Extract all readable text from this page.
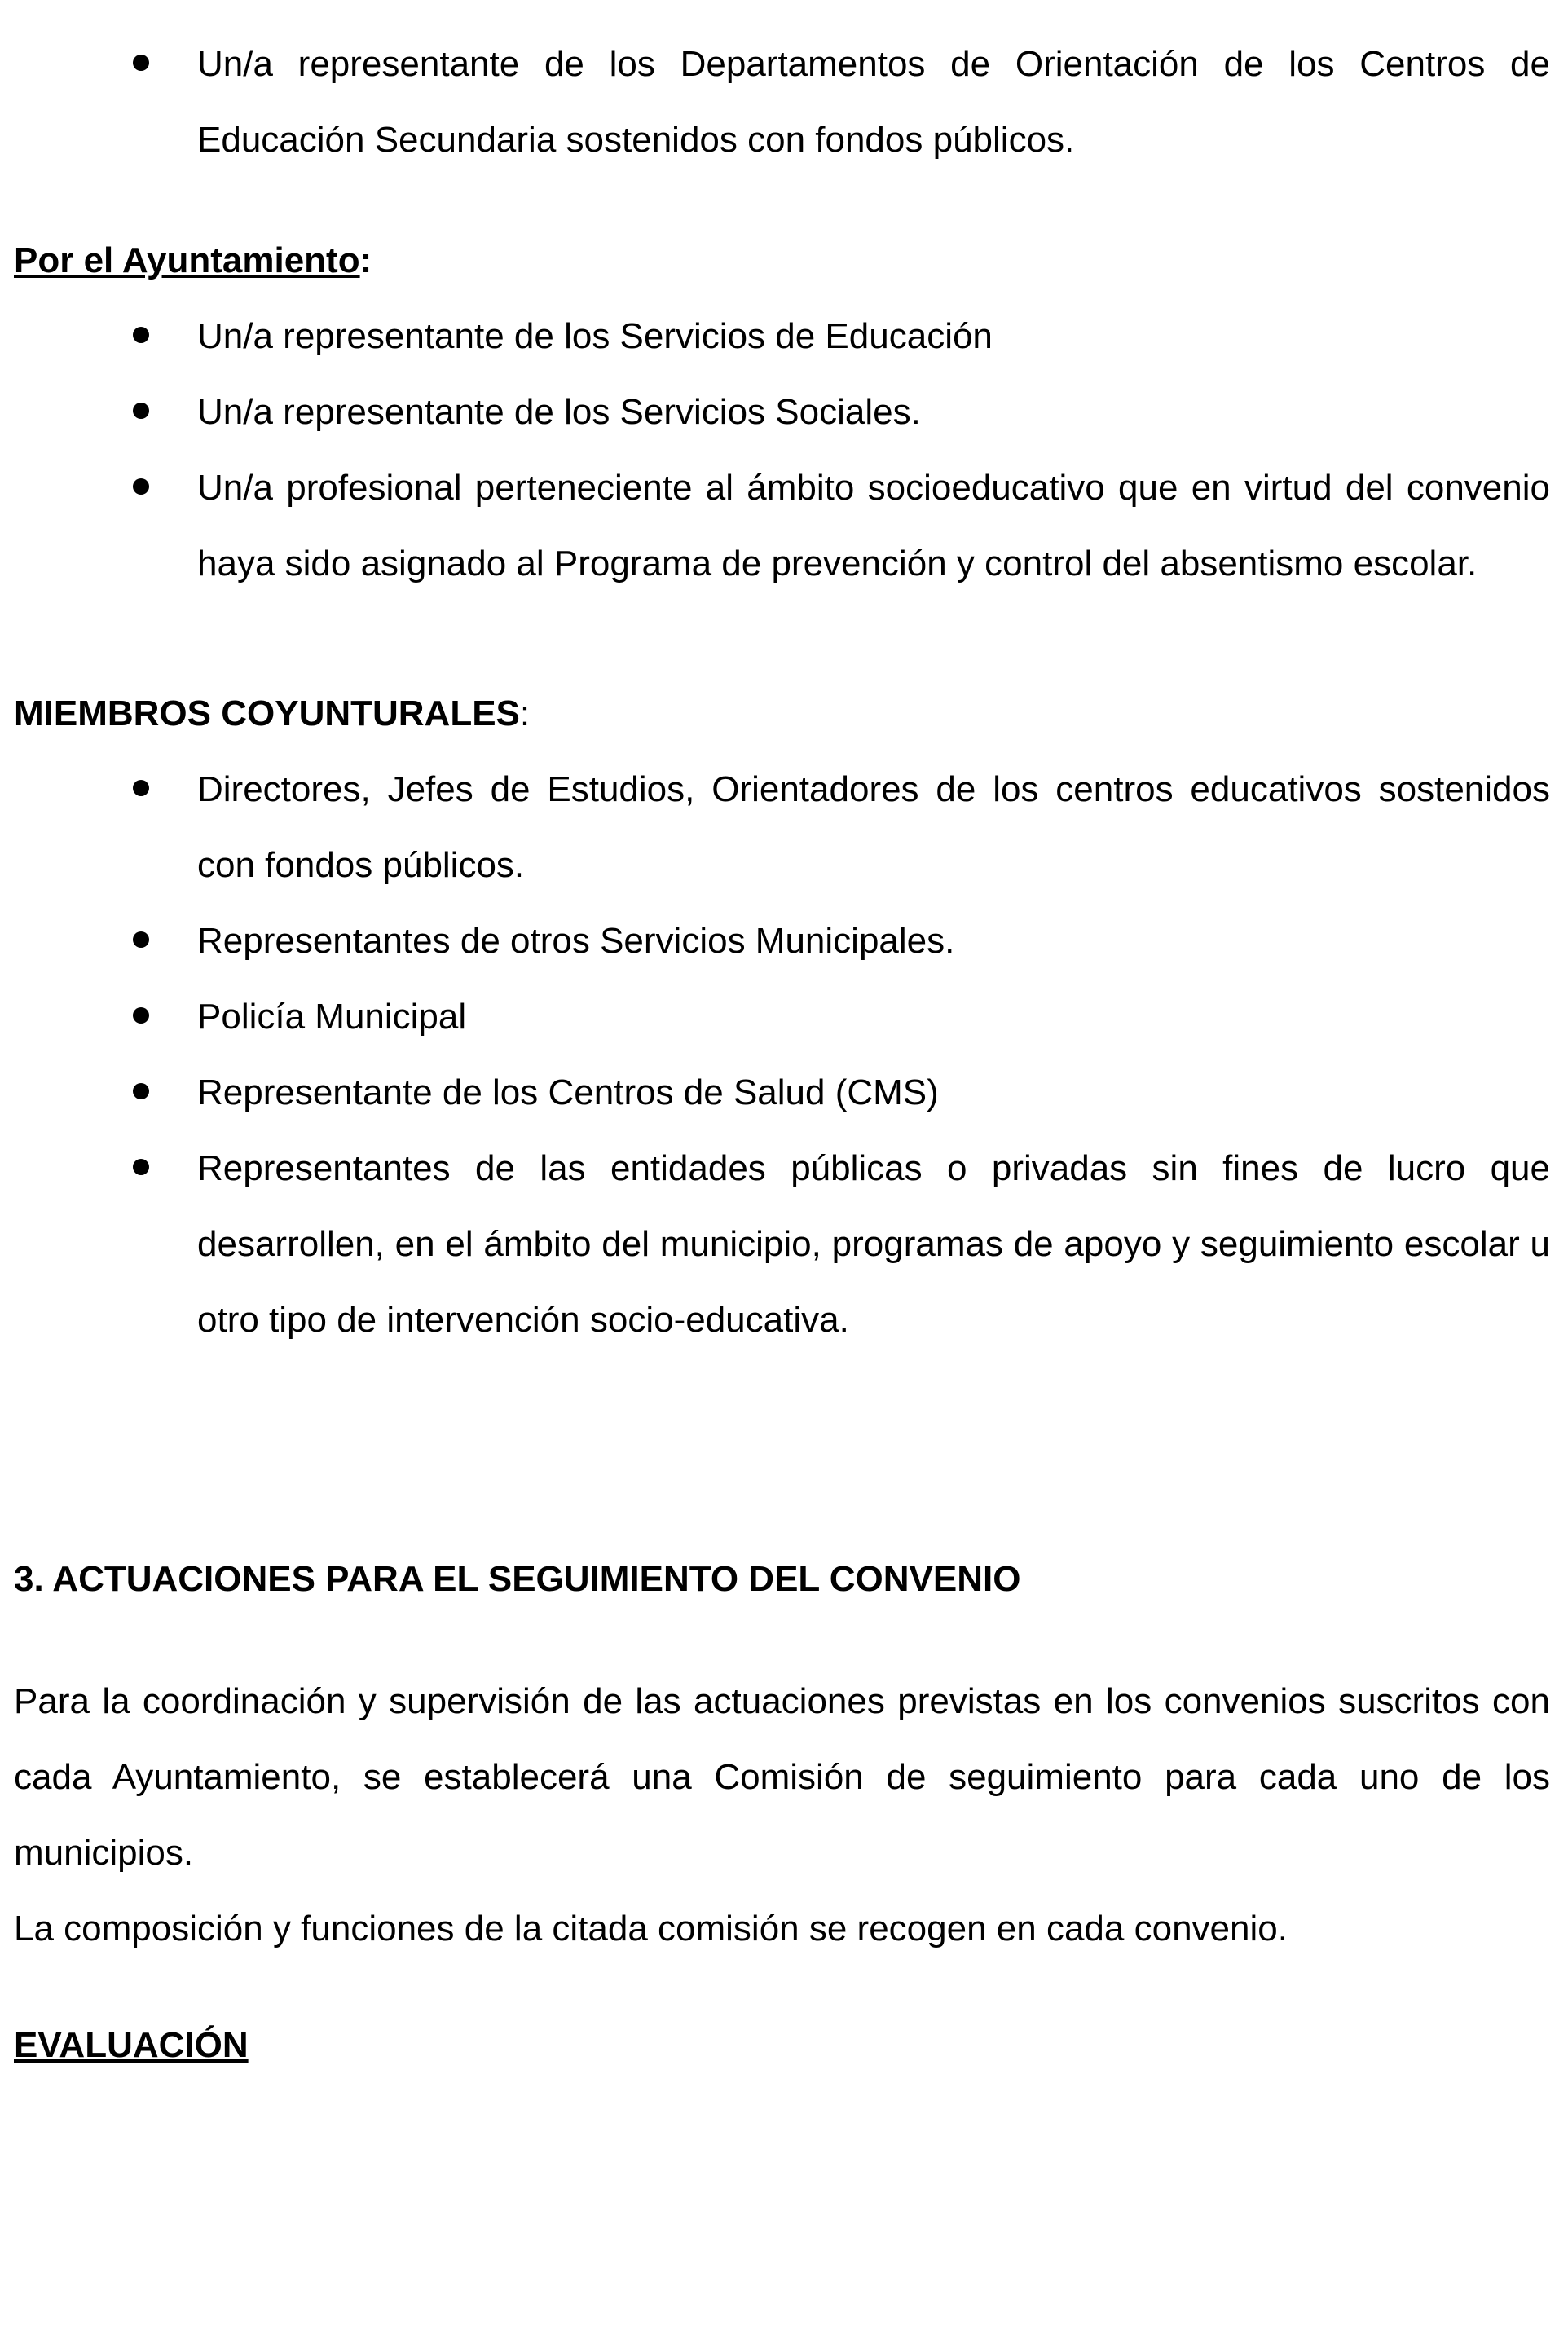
Un/a representante de los Departamentos de Orientación de los Centros de Educación Secundaria sostenidos con fondos públicos.

Por el Ayuntamiento:

Un/a representante de los Servicios de Educación
Un/a representante de los Servicios Sociales.
Un/a profesional perteneciente al ámbito socioeducativo que en virtud del convenio haya sido asignado al Programa de prevención y control del absentismo escolar.

MIEMBROS COYUNTURALES:

Directores, Jefes de Estudios, Orientadores de los centros educativos sostenidos con fondos públicos.
Representantes de otros Servicios Municipales.
Policía Municipal
Representante de los Centros de Salud (CMS)
Representantes de las entidades públicas o privadas sin fines de lucro que desarrollen, en el ámbito del municipio, programas de apoyo y seguimiento escolar u otro tipo de intervención socio-educativa.

3. ACTUACIONES PARA EL SEGUIMIENTO DEL CONVENIO

Para la coordinación y supervisión de las actuaciones previstas en los convenios suscritos con cada Ayuntamiento, se establecerá una Comisión de seguimiento para cada uno de los municipios.

La composición y funciones de la citada comisión se recogen en cada convenio.

EVALUACIÓN
